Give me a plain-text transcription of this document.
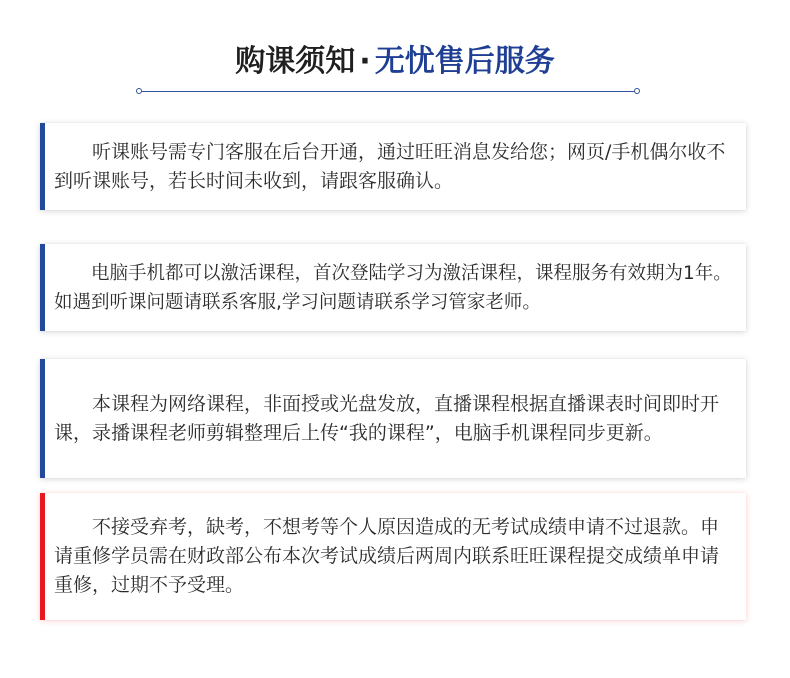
购课须知 · 无忧售后服务
听课账号需专门客服在后台开通，通过旺旺消息发给您；网页/手机偶尔收不到听课账号，若长时间未收到，请跟客服确认。
电脑手机都可以激活课程，首次登陆学习为激活课程，课程服务有效期为1年。如遇到听课问题请联系客服,学习问题请联系学习管家老师。
本课程为网络课程，非面授或光盘发放，直播课程根据直播课表时间即时开课，录播课程老师剪辑整理后上传“我的课程”，电脑手机课程同步更新。
不接受弃考，缺考，不想考等个人原因造成的无考试成绩申请不过退款。申请重修学员需在财政部公布本次考试成绩后两周内联系旺旺课程提交成绩单申请重修，过期不予受理。
